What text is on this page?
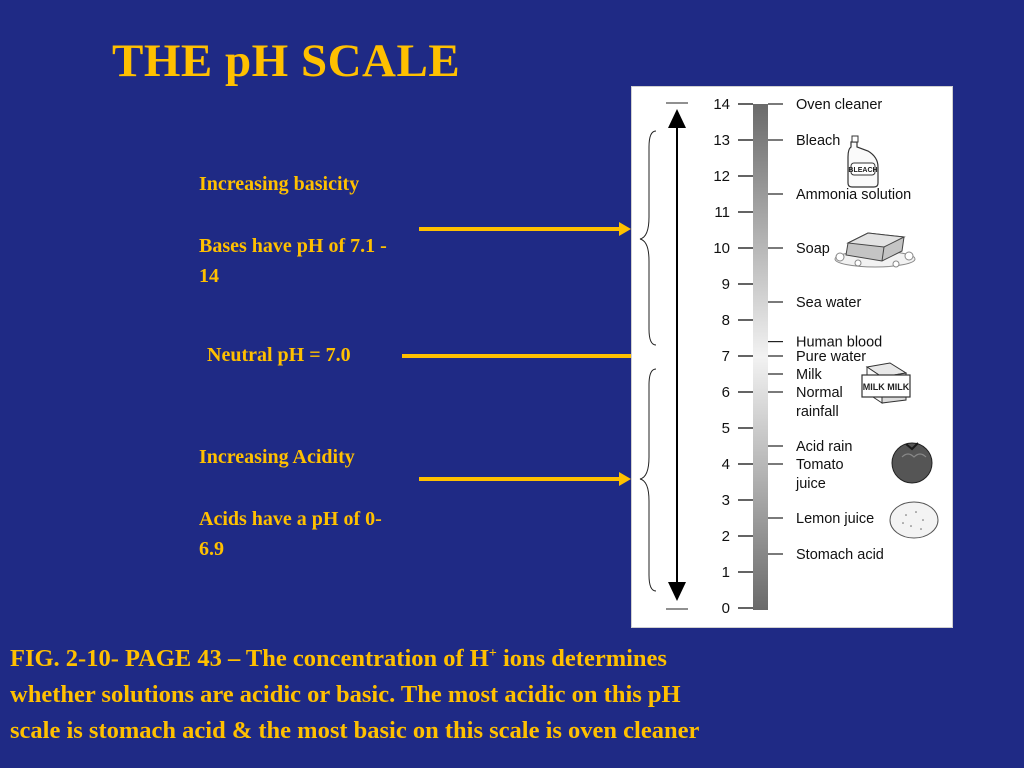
THE pH SCALE
Increasing basicity
Bases have pH of 7.1 -
14
Neutral pH = 7.0
Increasing Acidity
Acids have a pH of 0-
6.9
14
13
12
11
10
9
8
7
6
5
4
3
2
1
0
Oven cleaner
Bleach
Ammonia solution
Soap
Sea water
Human blood
Pure water
Milk
Normal
rainfall
Acid rain
Tomato
juice
Lemon juice
Stomach acid
BLEACH
MILK MILK
FIG. 2-10- PAGE 43 – The concentration of H+ ions determines
whether solutions are acidic or basic. The most acidic on this pH
scale is stomach acid & the most basic on this scale is oven cleaner
